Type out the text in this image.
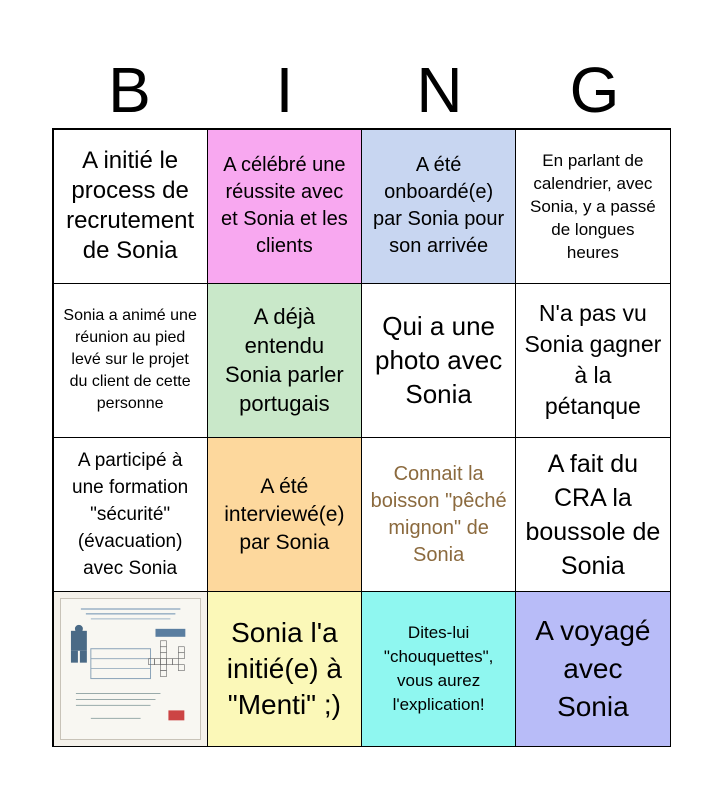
B	I	N	G
A initié le process de recrutement de Sonia
A célébré une réussite avec et Sonia et les clients
A été onboardé(e) par Sonia pour son arrivée
En parlant de calendrier, avec Sonia, y a passé de longues heures
Sonia a animé une réunion au pied levé sur le projet du client de cette personne
A déjà entendu Sonia parler portugais
Qui a une photo avec Sonia
N'a pas vu Sonia gagner à la pétanque
A participé à une formation "sécurité" (évacuation) avec Sonia
A été interviewé(e) par Sonia
Connait la boisson "pêché mignon" de Sonia
A fait du CRA la boussole de Sonia
Sonia l'a initié(e) à "Menti" ;)
Dites-lui "chouquettes", vous aurez l'explication!
A voyagé avec Sonia
